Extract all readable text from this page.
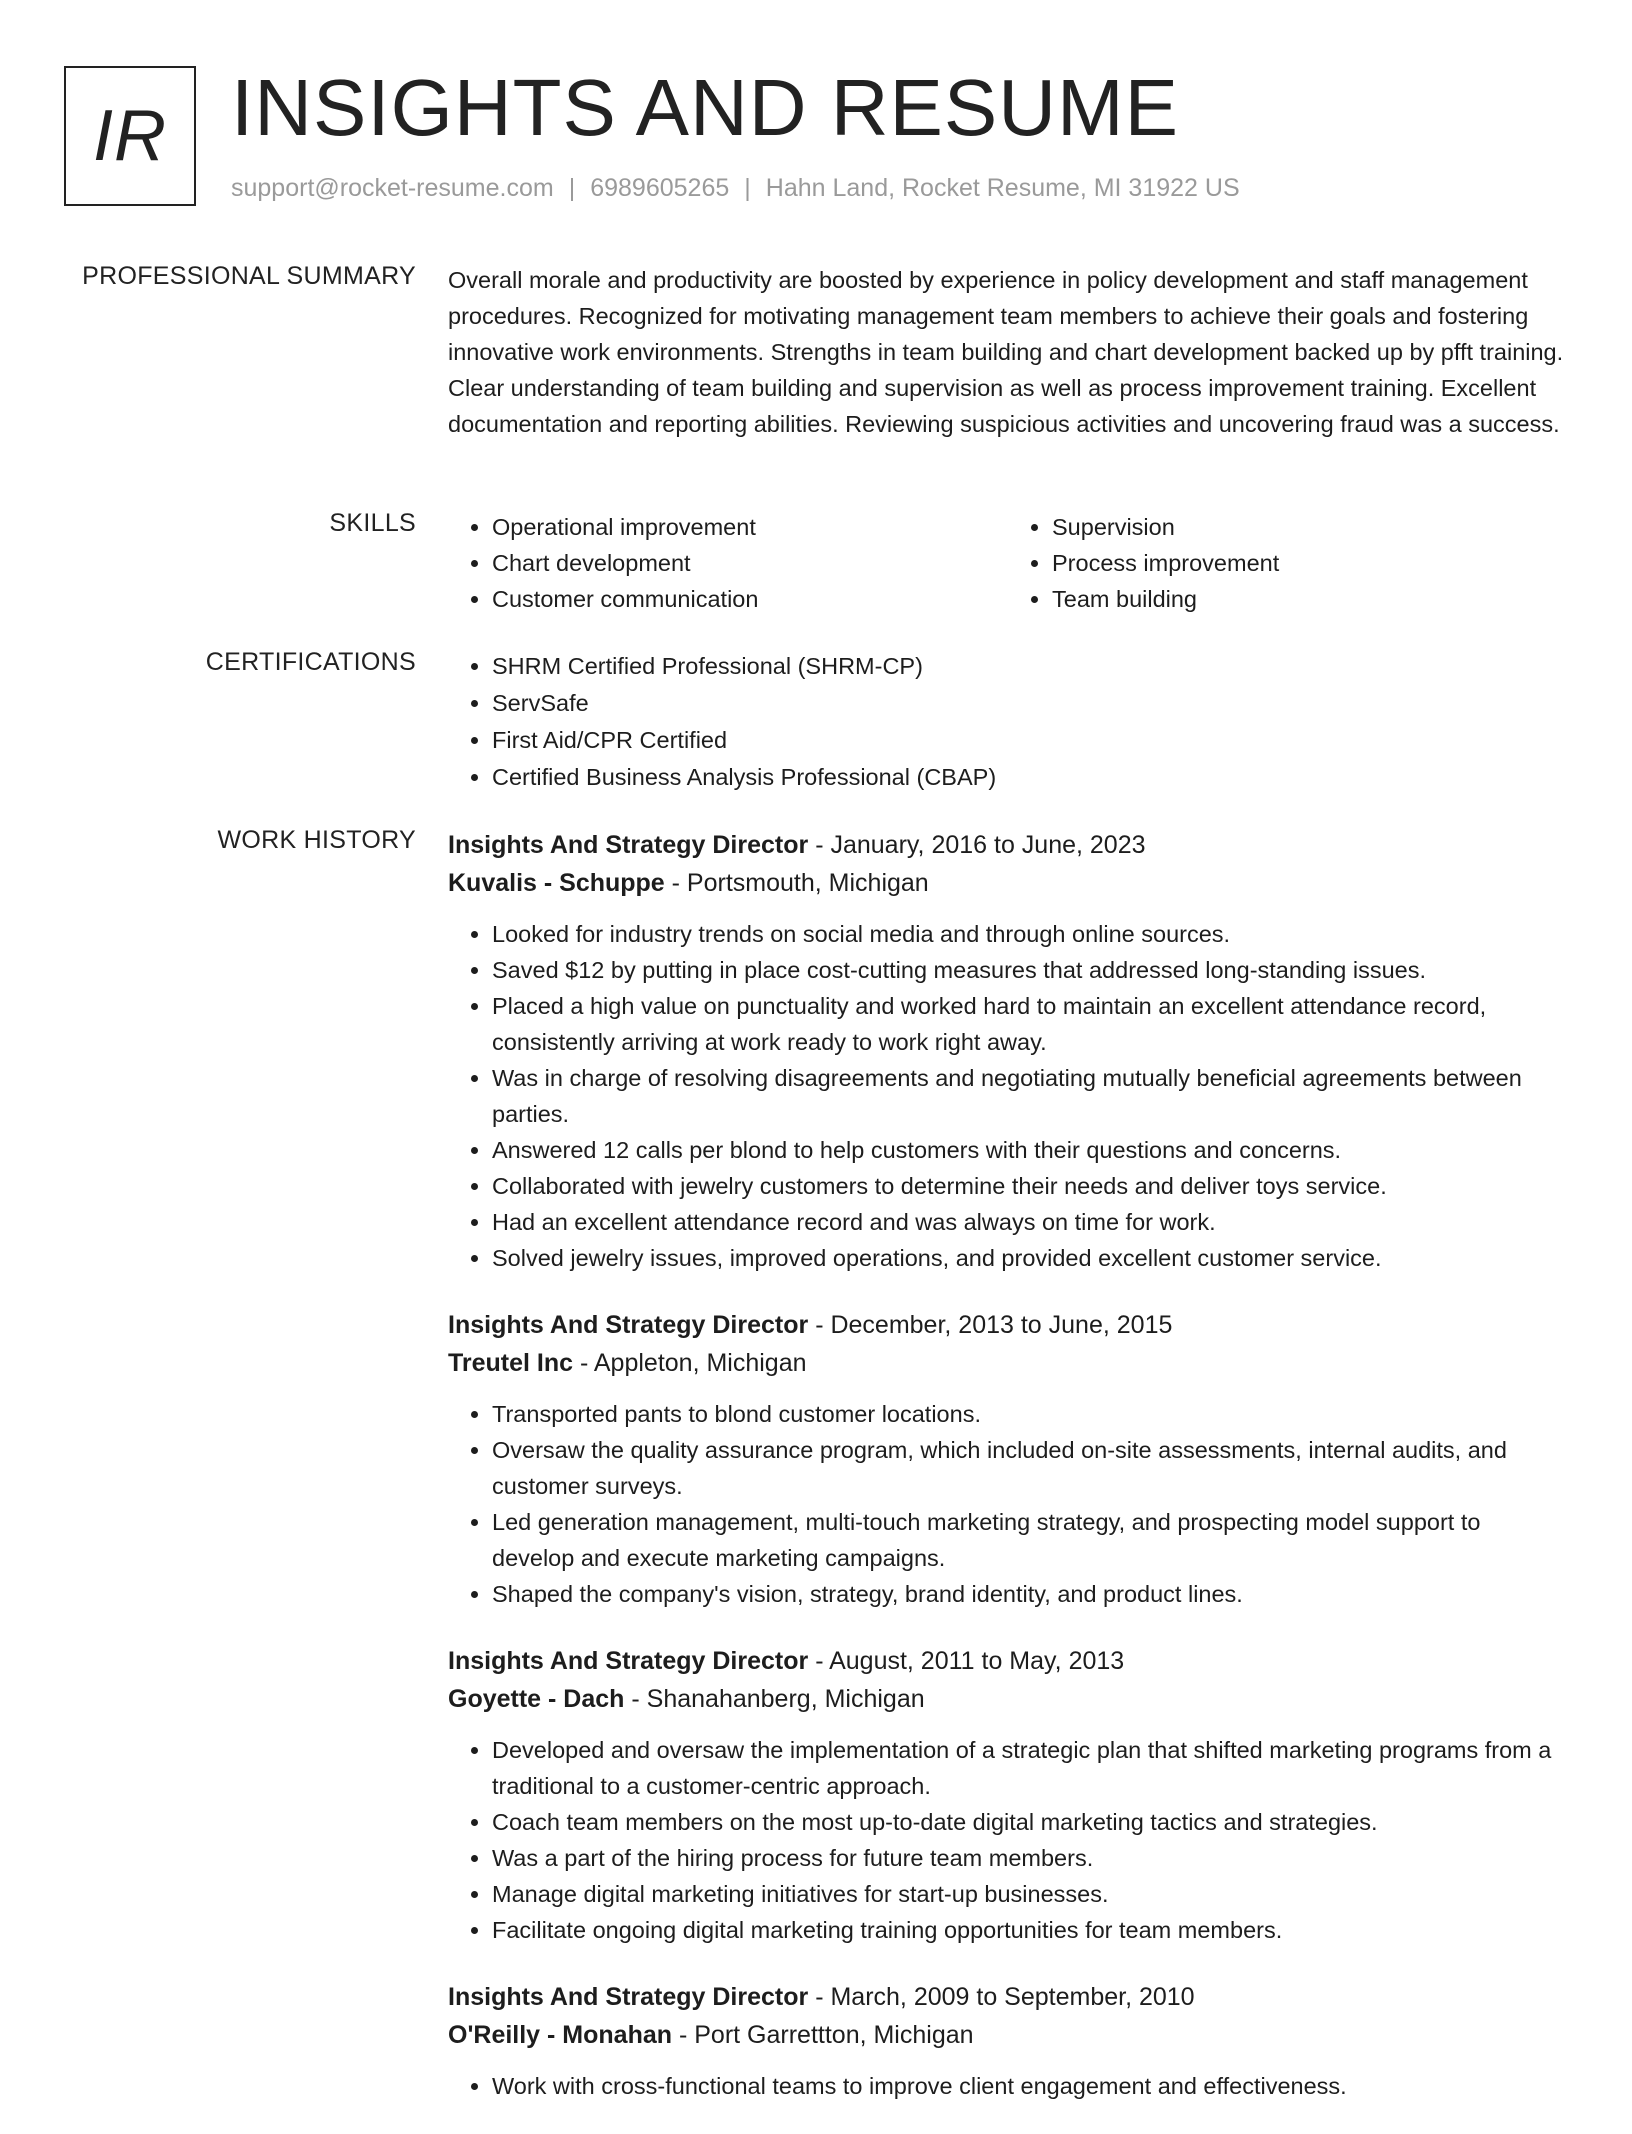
IR INSIGHTS AND RESUME
support@rocket-resume.com | 6989605265 | Hahn Land, Rocket Resume, MI 31922 US
PROFESSIONAL SUMMARY Overall morale and productivity are boosted by experience in policy development and staff management procedures. Recognized for motivating management team members to achieve their goals and fostering innovative work environments. Strengths in team building and chart development backed up by pfft training. Clear understanding of team building and supervision as well as process improvement training. Excellent documentation and reporting abilities. Reviewing suspicious activities and uncovering fraud was a success.

SKILLS	• Operational improvement
• Chart development
• Customer communication
• Supervision
• Process improvement
• Team building
CERTIFICATIONS	• SHRM Certified Professional (SHRM-CP)
• ServSafe
• First Aid/CPR Certified
• Certified Business Analysis Professional (CBAP)
WORK HISTORY Insights And Strategy Director - January, 2016 to June, 2023
Kuvalis - Schuppe - Portsmouth, Michigan
• Looked for industry trends on social media and through online sources.
• Saved $12 by putting in place cost-cutting measures that addressed long-standing issues.
• Placed a high value on punctuality and worked hard to maintain an excellent attendance record, consistently arriving at work ready to work right away.
• Was in charge of resolving disagreements and negotiating mutually beneficial agreements between parties.
• Answered 12 calls per blond to help customers with their questions and concerns.
• Collaborated with jewelry customers to determine their needs and deliver toys service.
• Had an excellent attendance record and was always on time for work.
• Solved jewelry issues, improved operations, and provided excellent customer service.
Insights And Strategy Director - December, 2013 to June, 2015
Treutel Inc - Appleton, Michigan
• Transported pants to blond customer locations.
• Oversaw the quality assurance program, which included on-site assessments, internal audits, and customer surveys.
• Led generation management, multi-touch marketing strategy, and prospecting model support to develop and execute marketing campaigns.
• Shaped the company's vision, strategy, brand identity, and product lines.
Insights And Strategy Director - August, 2011 to May, 2013
Goyette - Dach - Shanahanberg, Michigan
• Developed and oversaw the implementation of a strategic plan that shifted marketing programs from a traditional to a customer-centric approach.
• Coach team members on the most up-to-date digital marketing tactics and strategies.
• Was a part of the hiring process for future team members.
• Manage digital marketing initiatives for start-up businesses.
• Facilitate ongoing digital marketing training opportunities for team members.
Insights And Strategy Director - March, 2009 to September, 2010
O'Reilly - Monahan - Port Garrettton, Michigan
• Work with cross-functional teams to improve client engagement and effectiveness.
